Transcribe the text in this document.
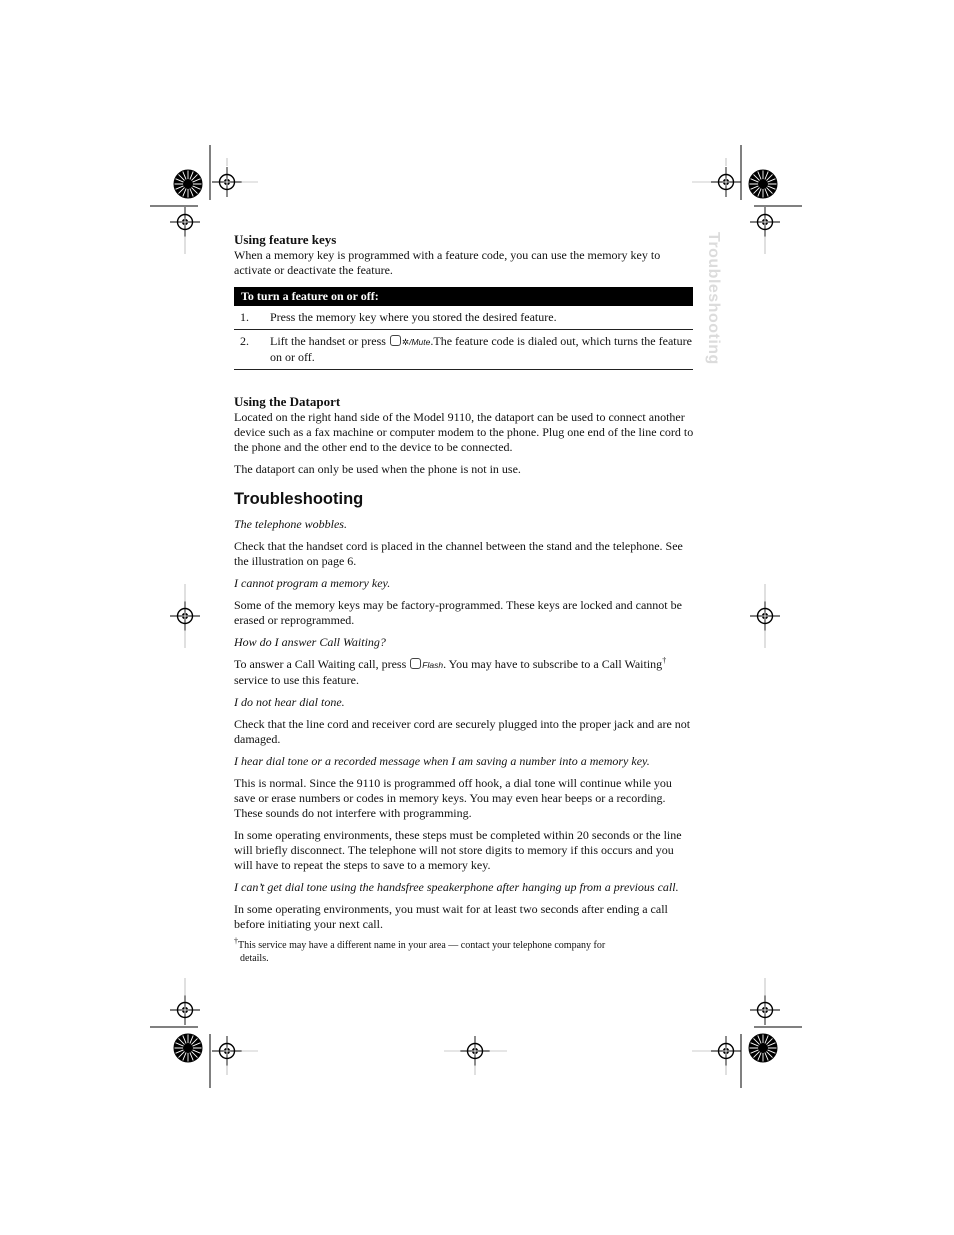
Troubleshooting
Using feature keys
When a memory key is programmed with a feature code, you can use the memory key to activate or deactivate the feature.
To turn a feature on or off:
1.	Press the memory key where you stored the desired feature.
2.	Lift the handset or press ✲/Mute.The feature code is dialed out, which turns the feature on or off.
Using the Dataport
Located on the right hand side of the Model 9110, the dataport can be used to connect another device such as a fax machine or computer modem to the phone. Plug one end of the line cord to the phone and the other end to the device to be connected.
The dataport can only be used when the phone is not in use.
Troubleshooting
The telephone wobbles.
Check that the handset cord is placed in the channel between the stand and the telephone. See the illustration on page 6.
I cannot program a memory key.
Some of the memory keys may be factory-programmed. These keys are locked and cannot be erased or reprogrammed.
How do I answer Call Waiting?
To answer a Call Waiting call, press Flash. You may have to subscribe to a Call Waiting† service to use this feature.
I do not hear dial tone.
Check that the line cord and receiver cord are securely plugged into the proper jack and are not damaged.
I hear dial tone or a recorded message when I am saving a number into a memory key.
This is normal. Since the 9110 is programmed off hook, a dial tone will continue while you save or erase numbers or codes in memory keys. You may even hear beeps or a recording. These sounds do not interfere with programming.
In some operating environments, these steps must be completed within 20 seconds or the line will briefly disconnect. The telephone will not store digits to memory if this occurs and you will have to repeat the steps to save to a memory key.
I can’t get dial tone using the handsfree speakerphone after hanging up from a previous call.
In some operating environments, you must wait for at least two seconds after ending a call before initiating your next call.
†This service may have a different name in your area — contact your telephone company for details.
